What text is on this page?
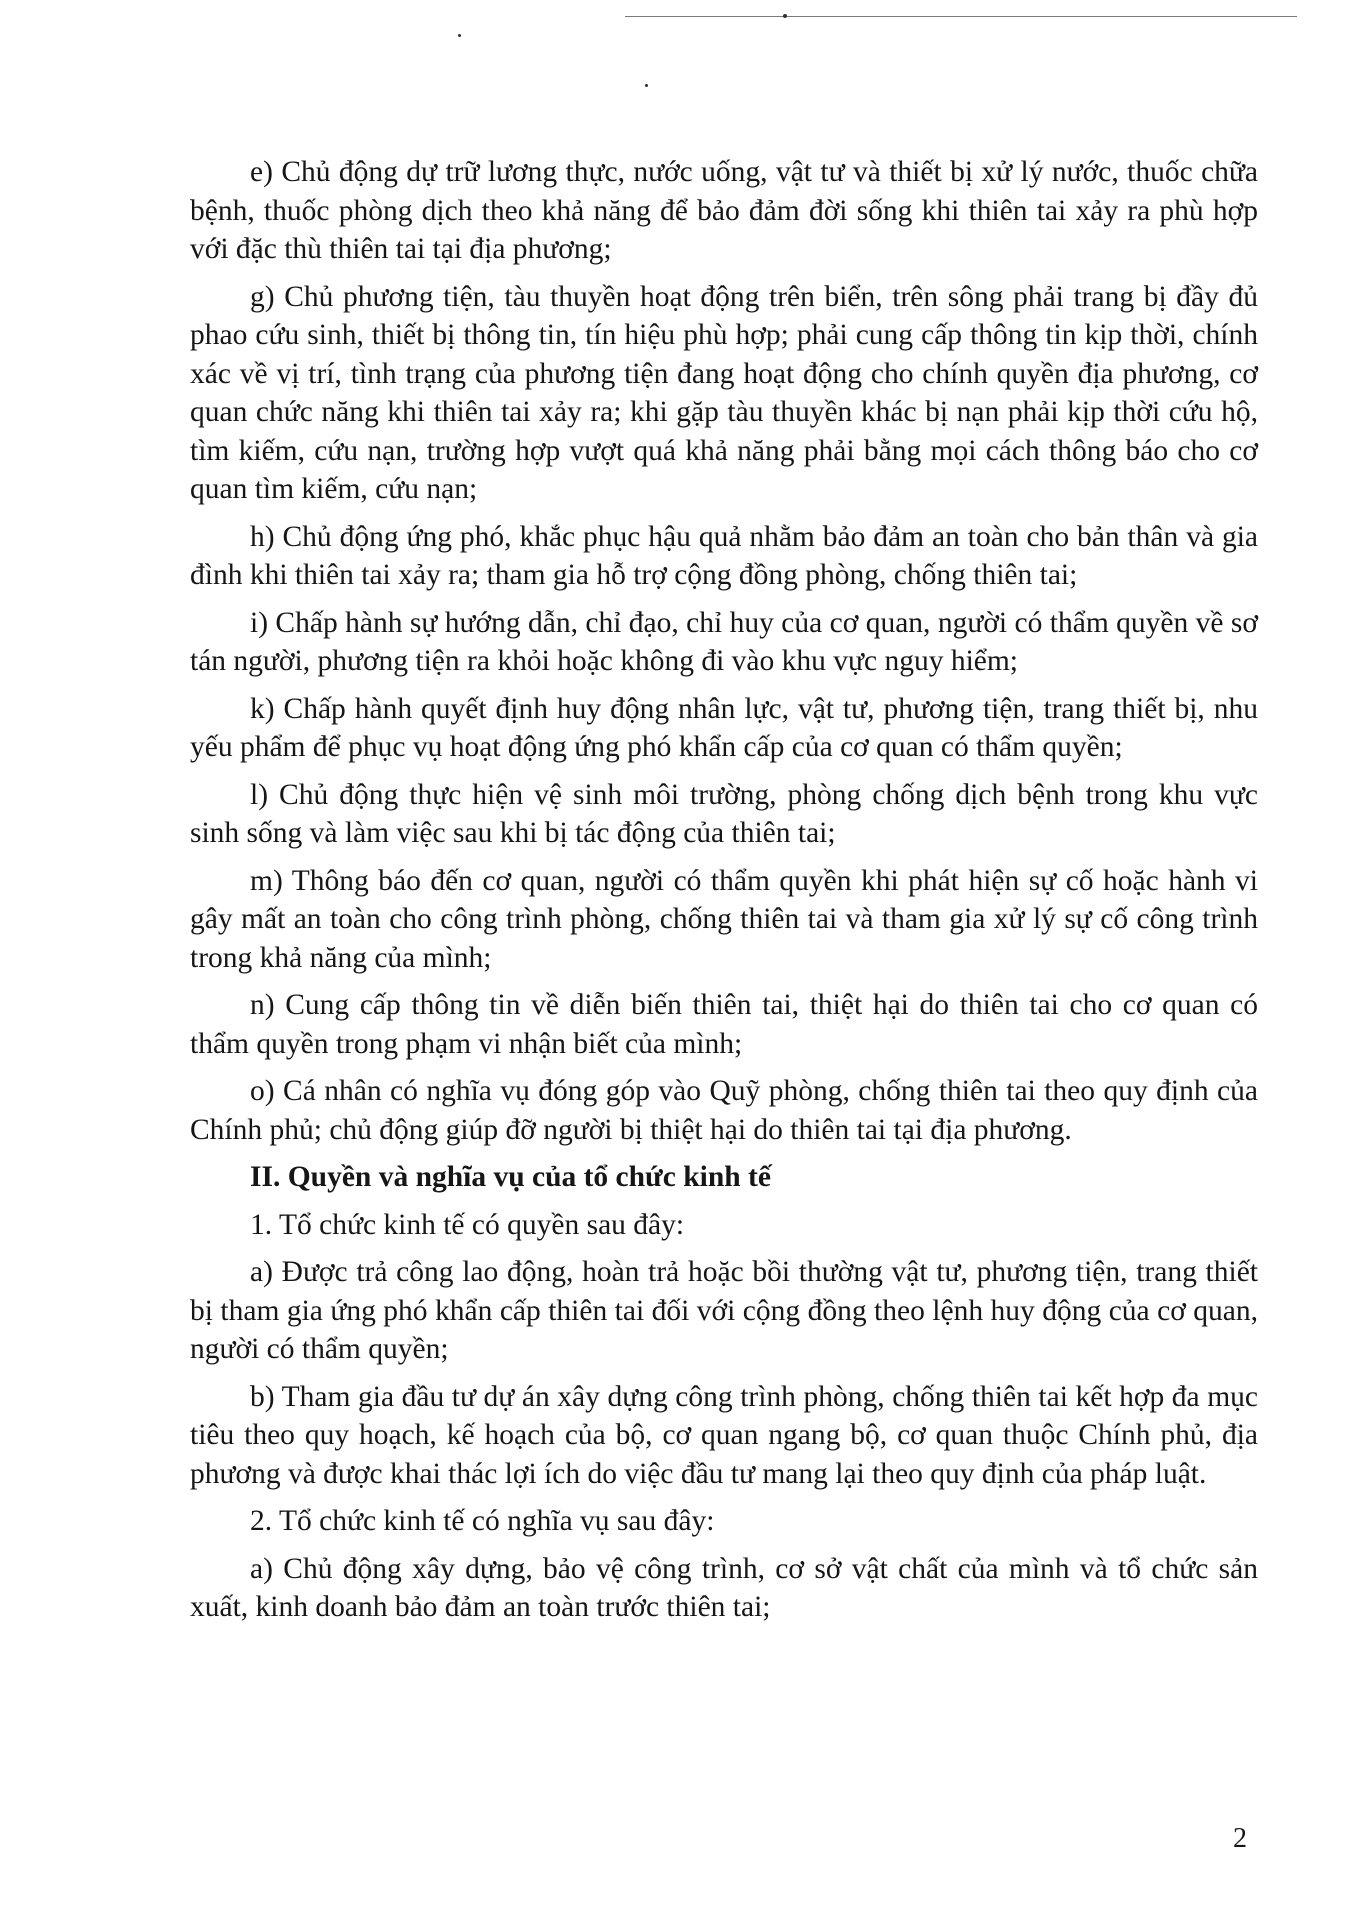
e) Chủ động dự trữ lương thực, nước uống, vật tư và thiết bị xử lý nước, thuốc chữa bệnh, thuốc phòng dịch theo khả năng để bảo đảm đời sống khi thiên tai xảy ra phù hợp với đặc thù thiên tai tại địa phương;

g) Chủ phương tiện, tàu thuyền hoạt động trên biển, trên sông phải trang bị đầy đủ phao cứu sinh, thiết bị thông tin, tín hiệu phù hợp; phải cung cấp thông tin kịp thời, chính xác về vị trí, tình trạng của phương tiện đang hoạt động cho chính quyền địa phương, cơ quan chức năng khi thiên tai xảy ra; khi gặp tàu thuyền khác bị nạn phải kịp thời cứu hộ, tìm kiếm, cứu nạn, trường hợp vượt quá khả năng phải bằng mọi cách thông báo cho cơ quan tìm kiếm, cứu nạn;

h) Chủ động ứng phó, khắc phục hậu quả nhằm bảo đảm an toàn cho bản thân và gia đình khi thiên tai xảy ra; tham gia hỗ trợ cộng đồng phòng, chống thiên tai;

i) Chấp hành sự hướng dẫn, chỉ đạo, chỉ huy của cơ quan, người có thẩm quyền về sơ tán người, phương tiện ra khỏi hoặc không đi vào khu vực nguy hiểm;

k) Chấp hành quyết định huy động nhân lực, vật tư, phương tiện, trang thiết bị, nhu yếu phẩm để phục vụ hoạt động ứng phó khẩn cấp của cơ quan có thẩm quyền;

l) Chủ động thực hiện vệ sinh môi trường, phòng chống dịch bệnh trong khu vực sinh sống và làm việc sau khi bị tác động của thiên tai;

m) Thông báo đến cơ quan, người có thẩm quyền khi phát hiện sự cố hoặc hành vi gây mất an toàn cho công trình phòng, chống thiên tai và tham gia xử lý sự cố công trình trong khả năng của mình;

n) Cung cấp thông tin về diễn biến thiên tai, thiệt hại do thiên tai cho cơ quan có thẩm quyền trong phạm vi nhận biết của mình;

o) Cá nhân có nghĩa vụ đóng góp vào Quỹ phòng, chống thiên tai theo quy định của Chính phủ; chủ động giúp đỡ người bị thiệt hại do thiên tai tại địa phương.

II. Quyền và nghĩa vụ của tổ chức kinh tế

1. Tổ chức kinh tế có quyền sau đây:

a) Được trả công lao động, hoàn trả hoặc bồi thường vật tư, phương tiện, trang thiết bị tham gia ứng phó khẩn cấp thiên tai đối với cộng đồng theo lệnh huy động của cơ quan, người có thẩm quyền;

b) Tham gia đầu tư dự án xây dựng công trình phòng, chống thiên tai kết hợp đa mục tiêu theo quy hoạch, kế hoạch của bộ, cơ quan ngang bộ, cơ quan thuộc Chính phủ, địa phương và được khai thác lợi ích do việc đầu tư mang lại theo quy định của pháp luật.

2. Tổ chức kinh tế có nghĩa vụ sau đây:

a) Chủ động xây dựng, bảo vệ công trình, cơ sở vật chất của mình và tổ chức sản xuất, kinh doanh bảo đảm an toàn trước thiên tai;

2
